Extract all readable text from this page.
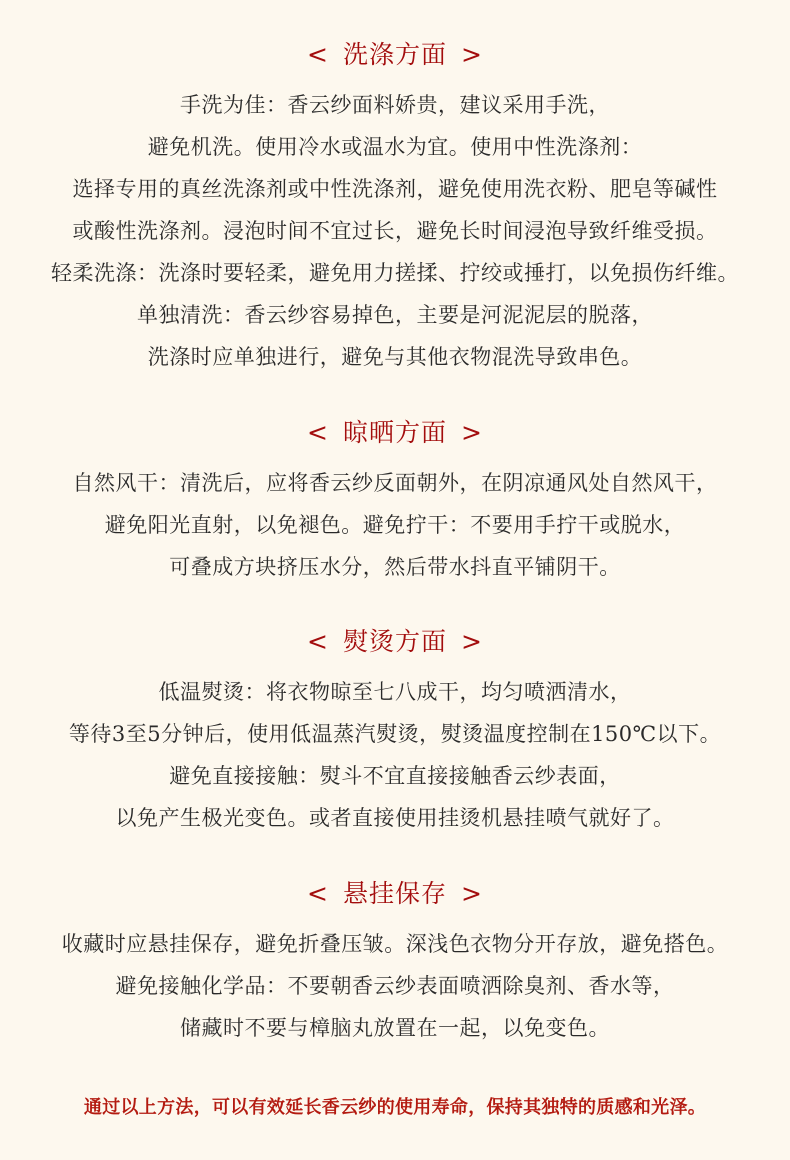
< 洗涤方面 >
手洗为佳：香云纱面料娇贵，建议采用手洗，
避免机洗。使用冷水或温水为宜。使用中性洗涤剂：
选择专用的真丝洗涤剂或中性洗涤剂，避免使用洗衣粉、肥皂等碱性
或酸性洗涤剂。浸泡时间不宜过长，避免长时间浸泡导致纤维受损。
轻柔洗涤：洗涤时要轻柔，避免用力搓揉、拧绞或捶打，以免损伤纤维。
单独清洗：香云纱容易掉色，主要是河泥泥层的脱落，
洗涤时应单独进行，避免与其他衣物混洗导致串色。
< 晾晒方面 >
自然风干：清洗后，应将香云纱反面朝外，在阴凉通风处自然风干，
避免阳光直射，以免褪色。避免拧干：不要用手拧干或脱水，
可叠成方块挤压水分，然后带水抖直平铺阴干。
< 熨烫方面 >
低温熨烫：将衣物晾至七八成干，均匀喷洒清水，
等待3至5分钟后，使用低温蒸汽熨烫，熨烫温度控制在150℃以下。
避免直接接触：熨斗不宜直接接触香云纱表面，
以免产生极光变色。或者直接使用挂烫机悬挂喷气就好了。
< 悬挂保存 >
收藏时应悬挂保存，避免折叠压皱。深浅色衣物分开存放，避免搭色。
避免接触化学品：不要朝香云纱表面喷洒除臭剂、香水等，
储藏时不要与樟脑丸放置在一起，以免变色。
通过以上方法，可以有效延长香云纱的使用寿命，保持其独特的质感和光泽。
